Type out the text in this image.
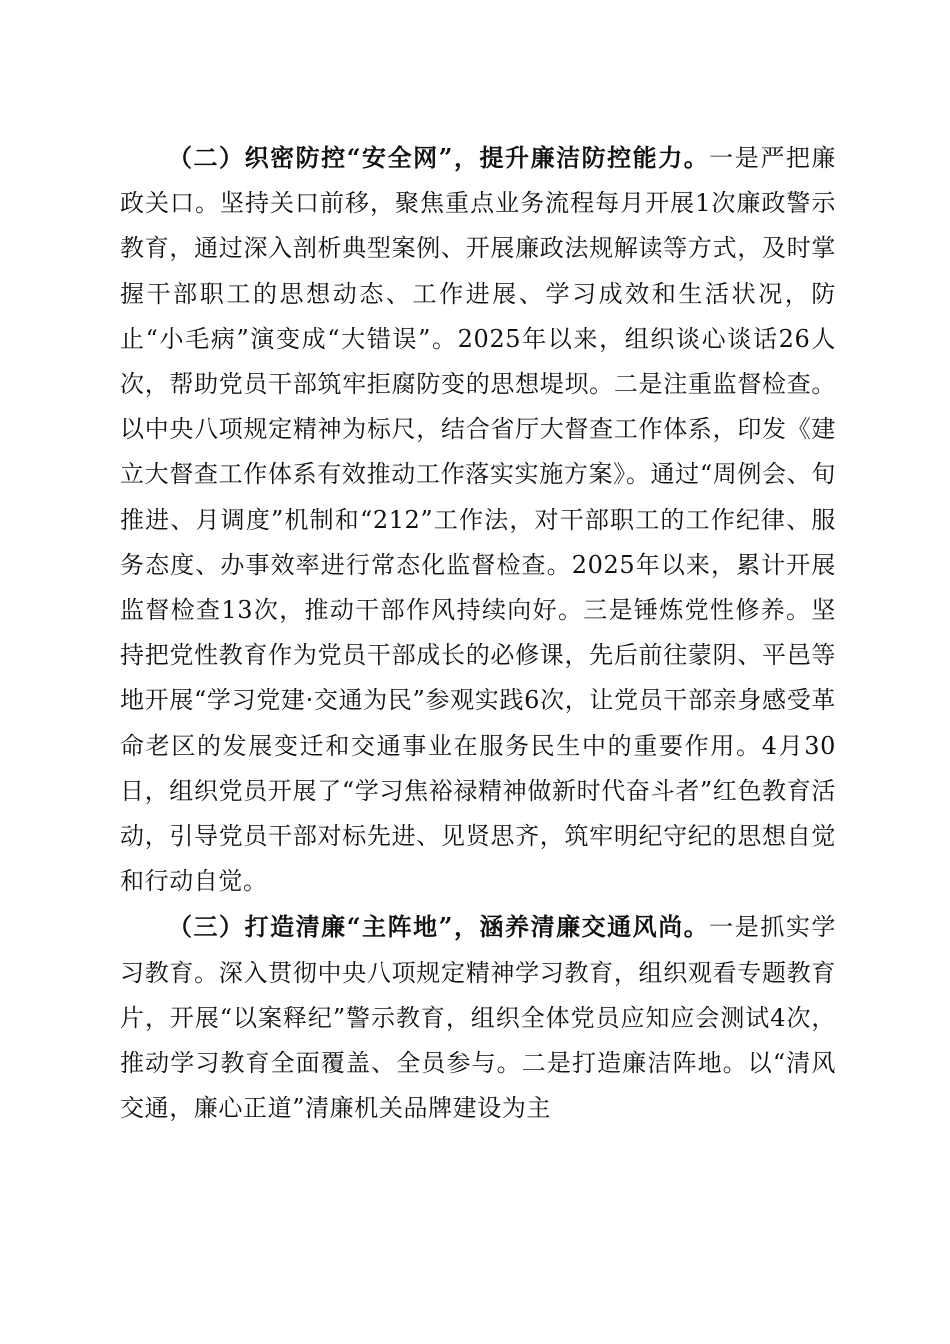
（二）织密防控“安全网”，提升廉洁防控能力。一是严把廉政关口。坚持关口前移，聚焦重点业务流程每月开展1次廉政警示教育，通过深入剖析典型案例、开展廉政法规解读等方式，及时掌握干部职工的思想动态、工作进展、学习成效和生活状况，防止“小毛病”演变成“大错误”。2025年以来，组织谈心谈话26人次，帮助党员干部筑牢拒腐防变的思想堤坝。二是注重监督检查。以中央八项规定精神为标尺，结合省厅大督查工作体系，印发《建立大督查工作体系有效推动工作落实实施方案》。通过“周例会、旬推进、月调度”机制和“212”工作法，对干部职工的工作纪律、服务态度、办事效率进行常态化监督检查。2025年以来，累计开展监督检查13次，推动干部作风持续向好。三是锤炼党性修养。坚持把党性教育作为党员干部成长的必修课，先后前往蒙阴、平邑等地开展“学习党建·交通为民”参观实践6次，让党员干部亲身感受革命老区的发展变迁和交通事业在服务民生中的重要作用。4月30日，组织党员开展了“学习焦裕禄精神做新时代奋斗者”红色教育活动，引导党员干部对标先进、见贤思齐，筑牢明纪守纪的思想自觉和行动自觉。

（三）打造清廉“主阵地”，涵养清廉交通风尚。一是抓实学习教育。深入贯彻中央八项规定精神学习教育，组织观看专题教育片，开展“以案释纪”警示教育，组织全体党员应知应会测试4次，推动学习教育全面覆盖、全员参与。二是打造廉洁阵地。以“清风交通，廉心正道”清廉机关品牌建设为主
